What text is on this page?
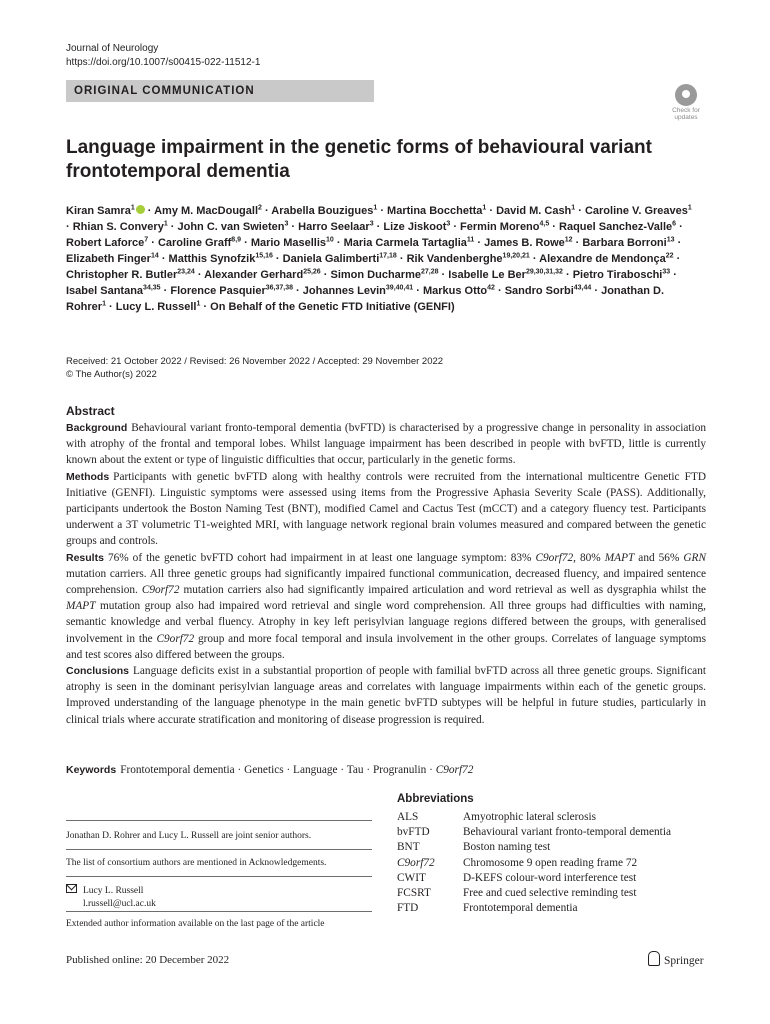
Journal of Neurology
https://doi.org/10.1007/s00415-022-11512-1
ORIGINAL COMMUNICATION
Check for
updates
Language impairment in the genetic forms of behavioural variant frontotemporal dementia
Kiran Samra$^1$ · Amy M. MacDougall$^2$ · Arabella Bouzigues$^1$ · Martina Bocchetta$^1$ · David M. Cash$^1$ · Caroline V. Greaves$^1$ · Rhian S. Convery$^1$ · John C. van Swieten$^3$ · Harro Seelaar$^3$ · Lize Jiskoot$^3$ · Fermin Moreno$^{4,5}$ · Raquel Sanchez-Valle$^6$ · Robert Laforce$^7$ · Caroline Graff$^{8,9}$ · Mario Masellis$^{10}$ · Maria Carmela Tartaglia$^{11}$ · James B. Rowe$^{12}$ · Barbara Borroni$^{13}$ · Elizabeth Finger$^{14}$ · Matthis Synofzik$^{15,16}$ · Daniela Galimberti$^{17,18}$ · Rik Vandenberghe$^{19,20,21}$ · Alexandre de Mendonça$^{22}$ · Christopher R. Butler$^{23,24}$ · Alexander Gerhard$^{25,26}$ · Simon Ducharme$^{27,28}$ · Isabelle Le Ber$^{29,30,31,32}$ · Pietro Tiraboschi$^{33}$ · Isabel Santana$^{34,35}$ · Florence Pasquier$^{36,37,38}$ · Johannes Levin$^{39,40,41}$ · Markus Otto$^{42}$ · Sandro Sorbi$^{43,44}$ · Jonathan D. Rohrer$^1$ · Lucy L. Russell$^1$ · On Behalf of the Genetic FTD Initiative (GENFI)
Received: 21 October 2022 / Revised: 26 November 2022 / Accepted: 29 November 2022
© The Author(s) 2022
Abstract

Background Behavioural variant fronto-temporal dementia (bvFTD) is characterised by a progressive change in personality in association with atrophy of the frontal and temporal lobes. Whilst language impairment has been described in people with bvFTD, little is currently known about the extent or type of linguistic difficulties that occur, particularly in the genetic forms.

Methods Participants with genetic bvFTD along with healthy controls were recruited from the international multicentre Genetic FTD Initiative (GENFI). Linguistic symptoms were assessed using items from the Progressive Aphasia Severity Scale (PASS). Additionally, participants undertook the Boston Naming Test (BNT), modified Camel and Cactus Test (mCCT) and a category fluency test. Participants underwent a 3T volumetric T1-weighted MRI, with language network regional brain volumes measured and compared between the genetic groups and controls.

Results 76% of the genetic bvFTD cohort had impairment in at least one language symptom: 83% C9orf72, 80% MAPT and 56% GRN mutation carriers. All three genetic groups had significantly impaired functional communication, decreased fluency, and impaired sentence comprehension. C9orf72 mutation carriers also had significantly impaired articulation and word retrieval as well as dysgraphia whilst the MAPT mutation group also had impaired word retrieval and single word comprehension. All three groups had difficulties with naming, semantic knowledge and verbal fluency. Atrophy in key left perisylvian language regions differed between the groups, with generalised involvement in the C9orf72 group and more focal temporal and insula involvement in the other groups. Correlates of language symptoms and test scores also differed between the groups.

Conclusions Language deficits exist in a substantial proportion of people with familial bvFTD across all three genetic groups. Significant atrophy is seen in the dominant perisylvian language areas and correlates with language impairments within each of the genetic groups. Improved understanding of the language phenotype in the main genetic bvFTD subtypes will be helpful in future studies, particularly in clinical trials where accurate stratification and monitoring of disease progression is required.

Keywords Frontotemporal dementia · Genetics · Language · Tau · Progranulin · C9orf72
Jonathan D. Rohrer and Lucy L. Russell are joint senior authors.
The list of consortium authors are mentioned in Acknowledgements.
Lucy L. Russell
l.russell@ucl.ac.uk
Extended author information available on the last page of the article
Abbreviations
ALS	Amyotrophic lateral sclerosis
bvFTD	Behavioural variant fronto-temporal dementia
BNT	Boston naming test
C9orf72	Chromosome 9 open reading frame 72
CWIT	D-KEFS colour-word interference test
FCSRT	Free and cued selective reminding test
FTD	Frontotemporal dementia
Published online: 20 December 2022	Springer
